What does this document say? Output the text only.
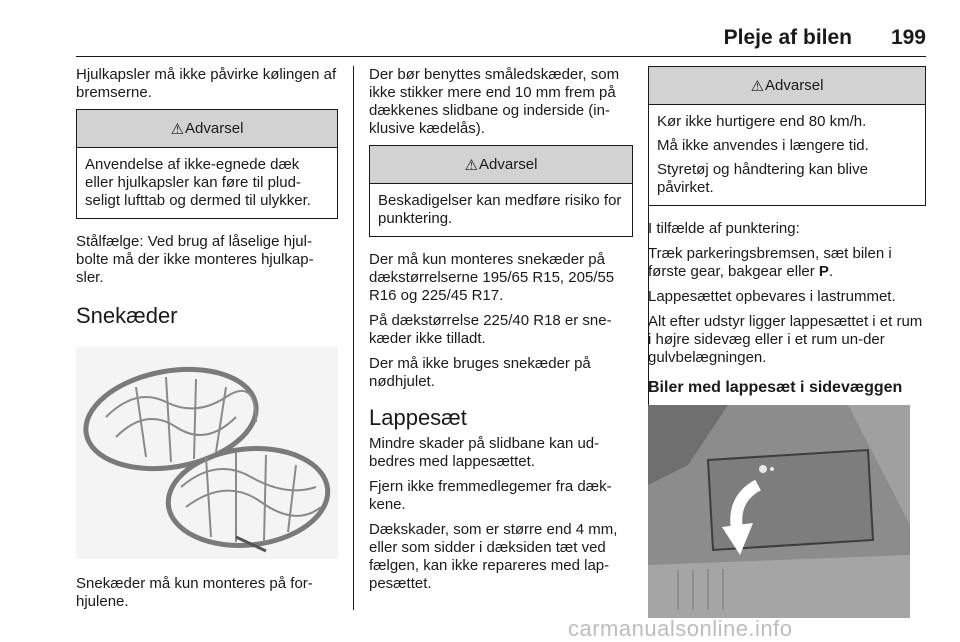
Pleje af bilen 199

Hjulkapsler må ikke påvirke kølingen af bremserne.

⚠ Advarsel
Anvendelse af ikke-egnede dæk eller hjulkapsler kan føre til plud-seligt lufttab og dermed til ulykker.

Stålfælge: Ved brug af låselige hjul-bolte må der ikke monteres hjulkap-sler.

Snekæder

Snekæder må kun monteres på for-hjulene.

Der bør benyttes småledskæder, som ikke stikker mere end 10 mm frem på dækkenes slidbane og inderside (in-klusive kædelås).

⚠ Advarsel
Beskadigelser kan medføre risiko for punktering.

Der må kun monteres snekæder på dækstørrelserne 195/65 R15, 205/55 R16 og 225/45 R17.

På dækstørrelse 225/40 R18 er sne-kæder ikke tilladt.

Der må ikke bruges snekæder på nødhjulet.

Lappesæt

Mindre skader på slidbane kan ud-bedres med lappesættet.

Fjern ikke fremmedlegemer fra dæk-kene.

Dækskader, som er større end 4 mm, eller som sidder i dæksiden tæt ved fælgen, kan ikke repareres med lap-pesættet.

⚠ Advarsel

Kør ikke hurtigere end 80 km/h.

Må ikke anvendes i længere tid.

Styretøj og håndtering kan blive påvirket.

I tilfælde af punktering:

Træk parkeringsbremsen, sæt bilen i første gear, bakgear eller P.

Lappesættet opbevares i lastrummet.

Alt efter udstyr ligger lappesættet i et rum i højre sidevæg eller i et rum un-der gulvbelægningen.

Biler med lappesæt i sidevæggen
carmanualsonline.info
